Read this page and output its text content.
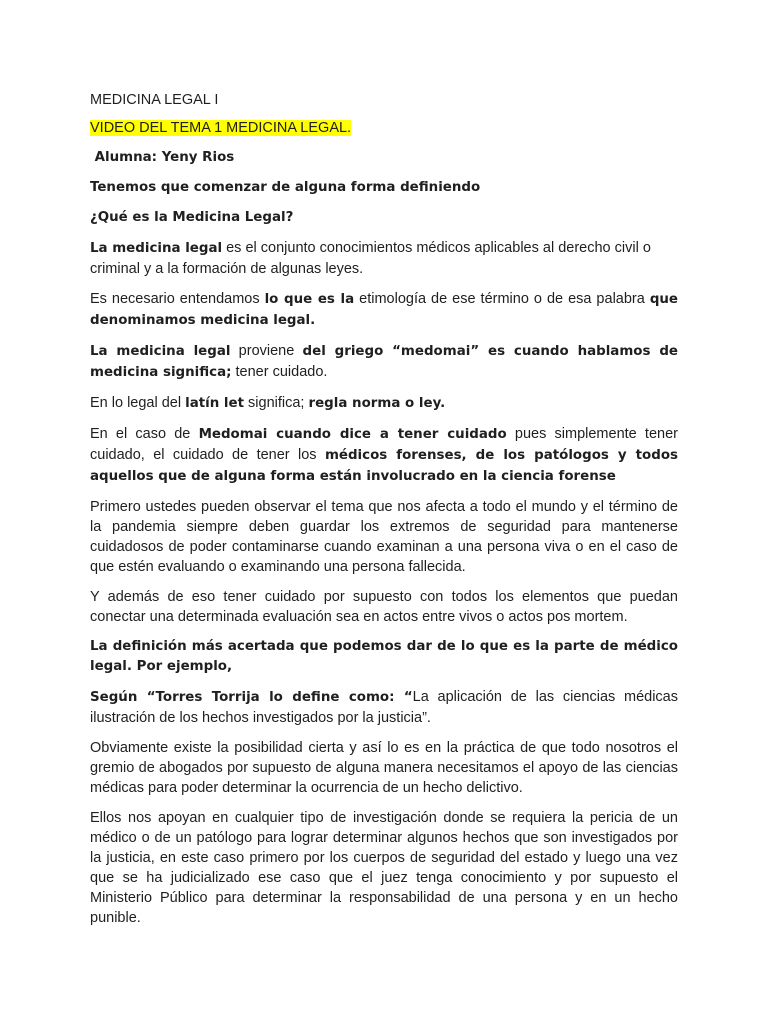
MEDICINA LEGAL I

VIDEO DEL TEMA 1 MEDICINA LEGAL.

Alumna: Yeny Rios

Tenemos que comenzar de alguna forma definiendo

¿Qué es la Medicina Legal?

La medicina legal es el conjunto conocimientos médicos aplicables al derecho civil o criminal y a la formación de algunas leyes.

Es necesario entendamos lo que es la etimología de ese término o de esa palabra que denominamos medicina legal.

La medicina legal proviene del griego “medomai” es cuando hablamos de medicina significa; tener cuidado.

En lo legal del latín let significa; regla norma o ley.

En el caso de Medomai cuando dice a tener cuidado pues simplemente tener cuidado, el cuidado de tener los médicos forenses, de los patólogos y todos aquellos que de alguna forma están involucrado en la ciencia forense

Primero ustedes pueden observar el tema que nos afecta a todo el mundo y el término de la pandemia siempre deben guardar los extremos de seguridad para mantenerse cuidadosos de poder contaminarse cuando examinan a una persona viva o en el caso de que estén evaluando o examinando una persona fallecida.

Y además de eso tener cuidado por supuesto con todos los elementos que puedan conectar una determinada evaluación sea en actos entre vivos o actos pos mortem.

La definición más acertada que podemos dar de lo que es la parte de médico legal. Por ejemplo,

Según “Torres Torrija lo define como: “La aplicación de las ciencias médicas ilustración de los hechos investigados por la justicia”.

Obviamente existe la posibilidad cierta y así lo es en la práctica de que todo nosotros el gremio de abogados por supuesto de alguna manera necesitamos el apoyo de las ciencias médicas para poder determinar la ocurrencia de un hecho delictivo.

Ellos nos apoyan en cualquier tipo de investigación donde se requiera la pericia de un médico o de un patólogo para lograr determinar algunos hechos que son investigados por la justicia, en este caso primero por los cuerpos de seguridad del estado y luego una vez que se ha judicializado ese caso que el juez tenga conocimiento y por supuesto el Ministerio Público para determinar la responsabilidad de una persona y en un hecho punible.
